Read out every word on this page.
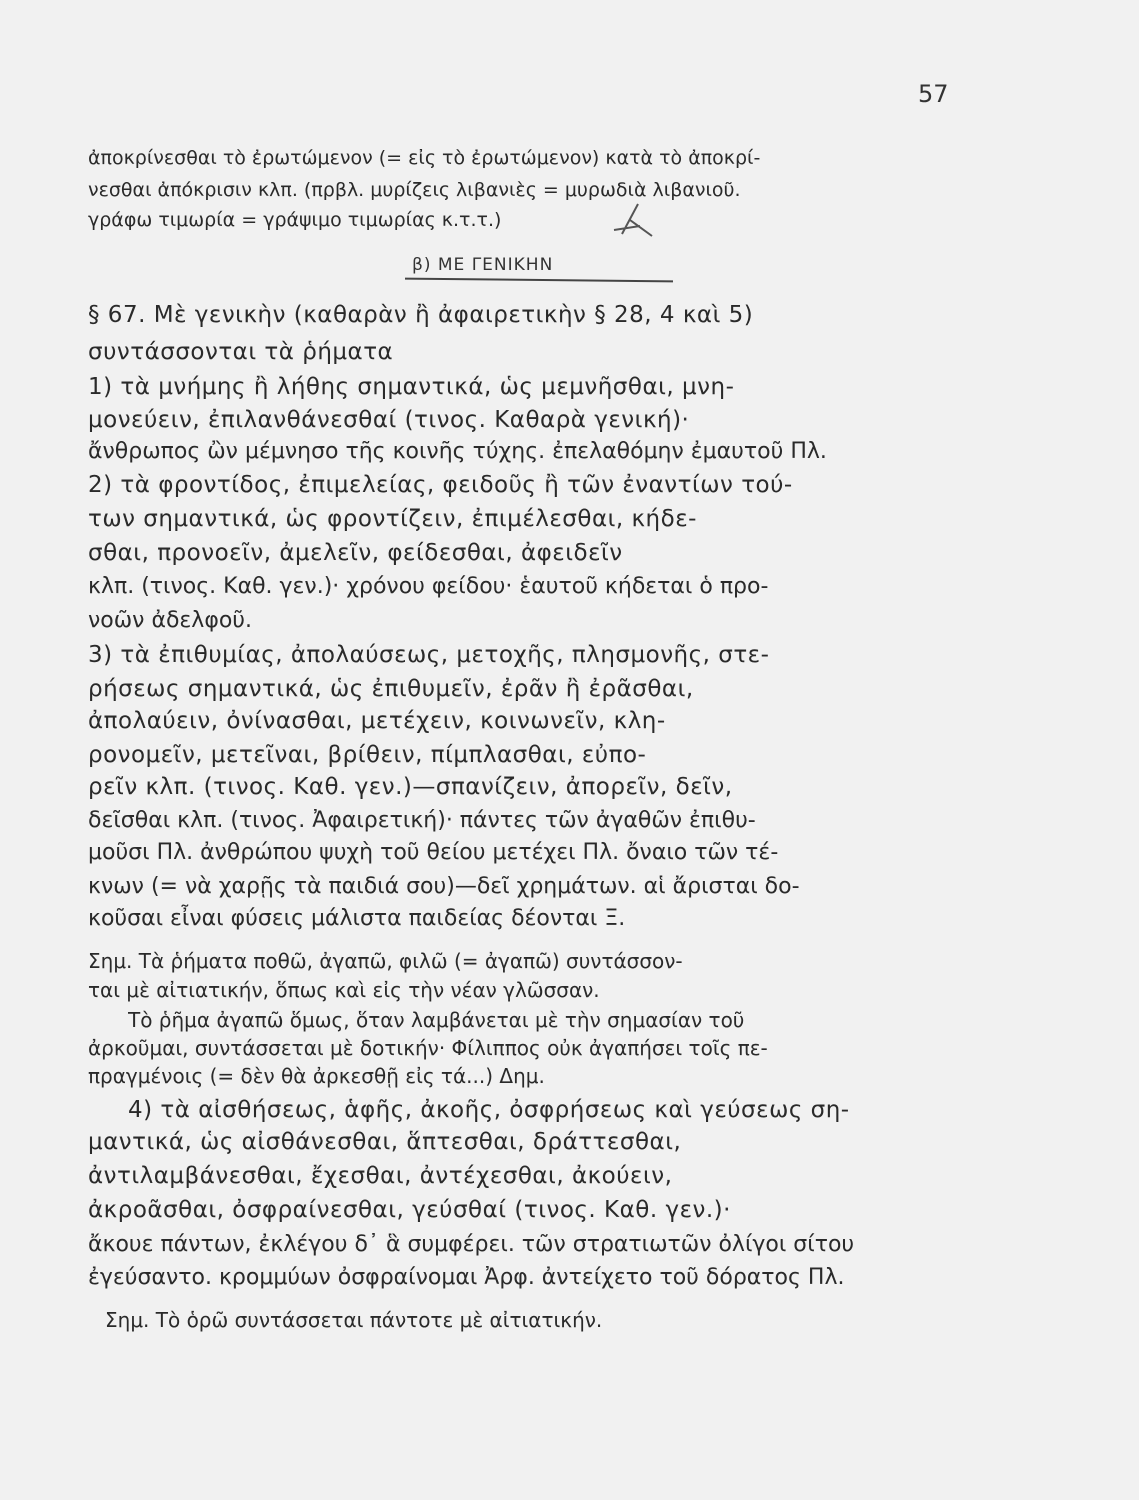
57
ἀποκρίνεσθαι τὸ ἐρωτώμενον (= εἰς τὸ ἐρωτώμενον) κατὰ τὸ ἀποκρί-
νεσθαι ἀπόκρισιν κλπ. (πρβλ. μυρίζεις λιβανιὲς = μυρωδιὰ λιβανιοῦ.
γράφω τιμωρία = γράψιμο τιμωρίας κ.τ.τ.)
β) ΜΕ ΓΕΝΙΚΗΝ
§ 67. Μὲ γενικὴν (καθαρὰν ἢ ἀφαιρετικὴν § 28, 4 καὶ 5)
συντάσσονται τὰ ῥήματα
1) τὰ μνήμης ἢ λήθης σημαντικά, ὡς μεμνῆσθαι, μνη-
μονεύειν, ἐπιλανθάνεσθαί (τινος. Καθαρὰ γενική)·
ἄνθρωπος ὢν μέμνησο τῆς κοινῆς τύχης. ἐπελαθόμην ἐμαυτοῦ Πλ.
2) τὰ φροντίδος, ἐπιμελείας, φειδοῦς ἢ τῶν ἐναντίων τού-
των σημαντικά, ὡς φροντίζειν, ἐπιμέλεσθαι, κήδε-
σθαι, προνοεῖν, ἀμελεῖν, φείδεσθαι, ἀφειδεῖν
κλπ. (τινος. Καθ. γεν.)· χρόνου φείδου· ἑαυτοῦ κήδεται ὁ προ-
νοῶν ἀδελφοῦ.
3) τὰ ἐπιθυμίας, ἀπολαύσεως, μετοχῆς, πλησμονῆς, στε-
ρήσεως σημαντικά, ὡς ἐπιθυμεῖν, ἐρᾶν ἢ ἐρᾶσθαι,
ἀπολαύειν, ὀνίνασθαι, μετέχειν, κοινωνεῖν, κλη-
ρονομεῖν, μετεῖναι, βρίθειν, πίμπλασθαι, εὐπο-
ρεῖν κλπ. (τινος. Καθ. γεν.)—σπανίζειν, ἀπορεῖν, δεῖν,
δεῖσθαι κλπ. (τινος. Ἀφαιρετική)· πάντες τῶν ἀγαθῶν ἐπιθυ-
μοῦσι Πλ. ἀνθρώπου ψυχὴ τοῦ θείου μετέχει Πλ. ὄναιο τῶν τέ-
κνων (= νὰ χαρῇς τὰ παιδιά σου)—δεῖ χρημάτων. αἱ ἄρισται δο-
κοῦσαι εἶναι φύσεις μάλιστα παιδείας δέονται Ξ.
Σημ. Τὰ ῥήματα ποθῶ, ἀγαπῶ, φιλῶ (= ἀγαπῶ) συντάσσον-
ται μὲ αἰτιατικήν, ὅπως καὶ εἰς τὴν νέαν γλῶσσαν.
Τὸ ῥῆμα ἀγαπῶ ὅμως, ὅταν λαμβάνεται μὲ τὴν σημασίαν τοῦ
ἀρκοῦμαι, συντάσσεται μὲ δοτικήν· Φίλιππος οὐκ ἀγαπήσει τοῖς πε-
πραγμένοις (= δὲν θὰ ἀρκεσθῇ εἰς τά...) Δημ.
4) τὰ αἰσθήσεως, ἁφῆς, ἀκοῆς, ὀσφρήσεως καὶ γεύσεως ση-
μαντικά, ὡς αἰσθάνεσθαι, ἅπτεσθαι, δράττεσθαι,
ἀντιλαμβάνεσθαι, ἔχεσθαι, ἀντέχεσθαι, ἀκούειν,
ἀκροᾶσθαι, ὀσφραίνεσθαι, γεύσθαί (τινος. Καθ. γεν.)·
ἄκουε πάντων, ἐκλέγου δ᾽ ἃ συμφέρει. τῶν στρατιωτῶν ὀλίγοι σίτου
ἐγεύσαντο. κρομμύων ὀσφραίνομαι Ἀρφ. ἀντείχετο τοῦ δόρατος Πλ.
Σημ. Τὸ ὁρῶ συντάσσεται πάντοτε μὲ αἰτιατικήν.
